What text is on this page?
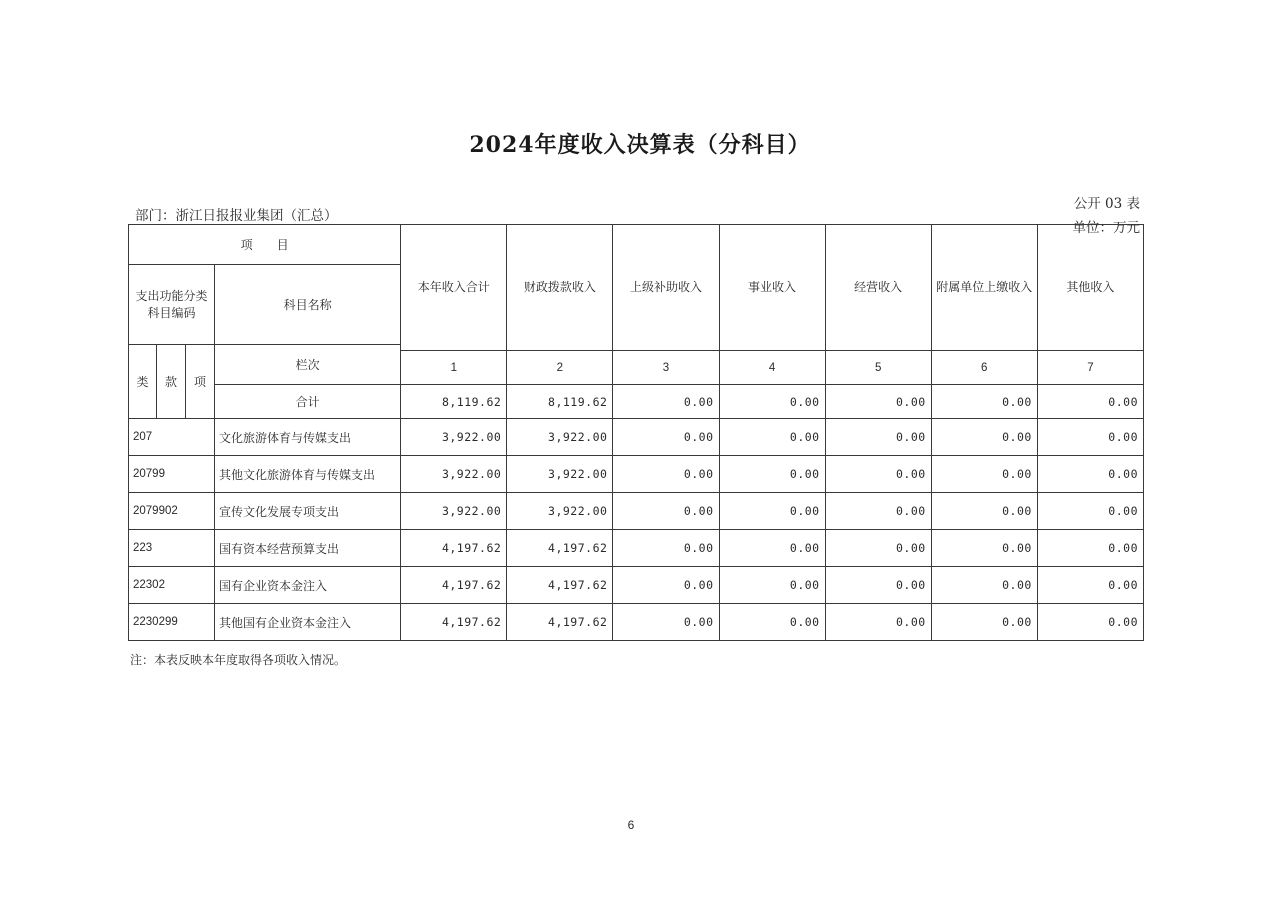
2024年度收入决算表（分科目）
公开 03 表
部门：浙江日报报业集团（汇总）
单位：万元
项　　目				本年收入合计	财政拨款收入	上级补助收入	事业收入	经营收入	附属单位上缴收入	其他收入
支出功能分类科目编码			科目名称							
类	款	项	栏次							
				1	2	3	4	5	6	7
			合计	8,119.62	8,119.62	0.00	0.00	0.00	0.00	0.00
207			文化旅游体育与传媒支出	3,922.00	3,922.00	0.00	0.00	0.00	0.00	0.00
20799			其他文化旅游体育与传媒支出	3,922.00	3,922.00	0.00	0.00	0.00	0.00	0.00
2079902			宣传文化发展专项支出	3,922.00	3,922.00	0.00	0.00	0.00	0.00	0.00
223			国有资本经营预算支出	4,197.62	4,197.62	0.00	0.00	0.00	0.00	0.00
22302			国有企业资本金注入	4,197.62	4,197.62	0.00	0.00	0.00	0.00	0.00
2230299			其他国有企业资本金注入	4,197.62	4,197.62	0.00	0.00	0.00	0.00	0.00
注：本表反映本年度取得各项收入情况。
6
